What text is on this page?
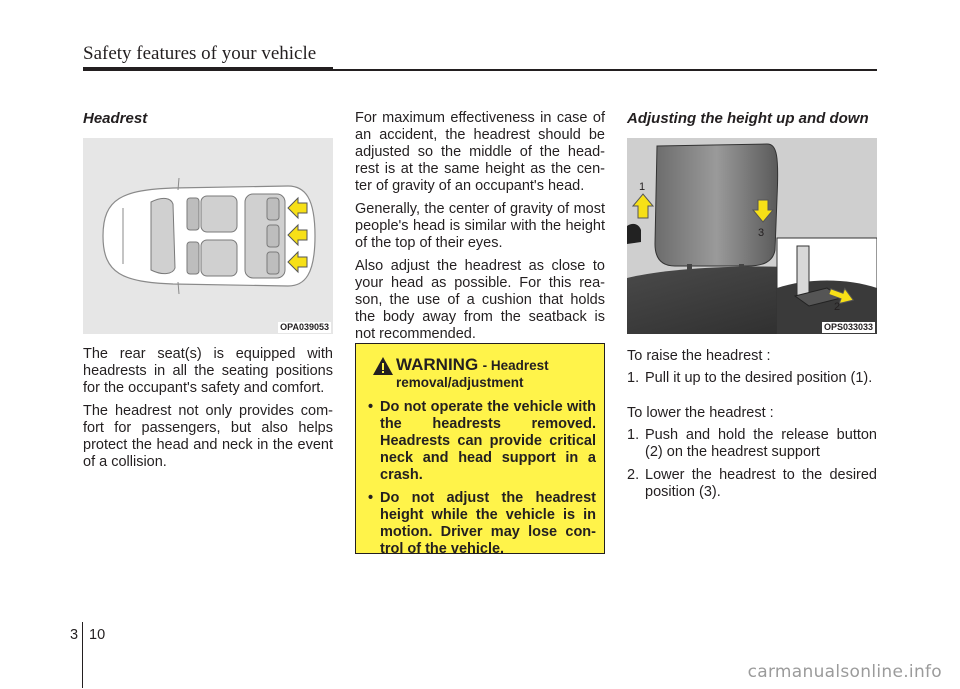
Safety features of your vehicle
Headrest
OPA039053

The rear seat(s) is equipped with headrests in all the seating positions for the occupant's safety and comfort.

The headrest not only provides com-fort for passengers, but also helps protect the head and neck in the event of a collision.

For maximum effectiveness in case of an accident, the headrest should be adjusted so the middle of the head-rest is at the same height as the cen-ter of gravity of an occupant's head.

Generally, the center of gravity of most people's head is similar with the height of the top of their eyes.

Also adjust the headrest as close to your head as possible. For this rea-son, the use of a cushion that holds the body away from the seatback is not recommended.

WARNING - Headrest
removal/adjustment
• Do not operate the vehicle with the headrests removed. Headrests can provide critical neck and head support in a crash.
• Do not adjust the headrest height while the vehicle is in motion. Driver may lose con-trol of the vehicle.
Adjusting the height up and down
1
3
2
OPS033033
To raise the headrest :
1. Pull it up to the desired position (1).
To lower the headrest :
1. Push and hold the release button (2) on the headrest support
2. Lower the headrest to the desired position (3).
3 10
carmanualsonline.info
